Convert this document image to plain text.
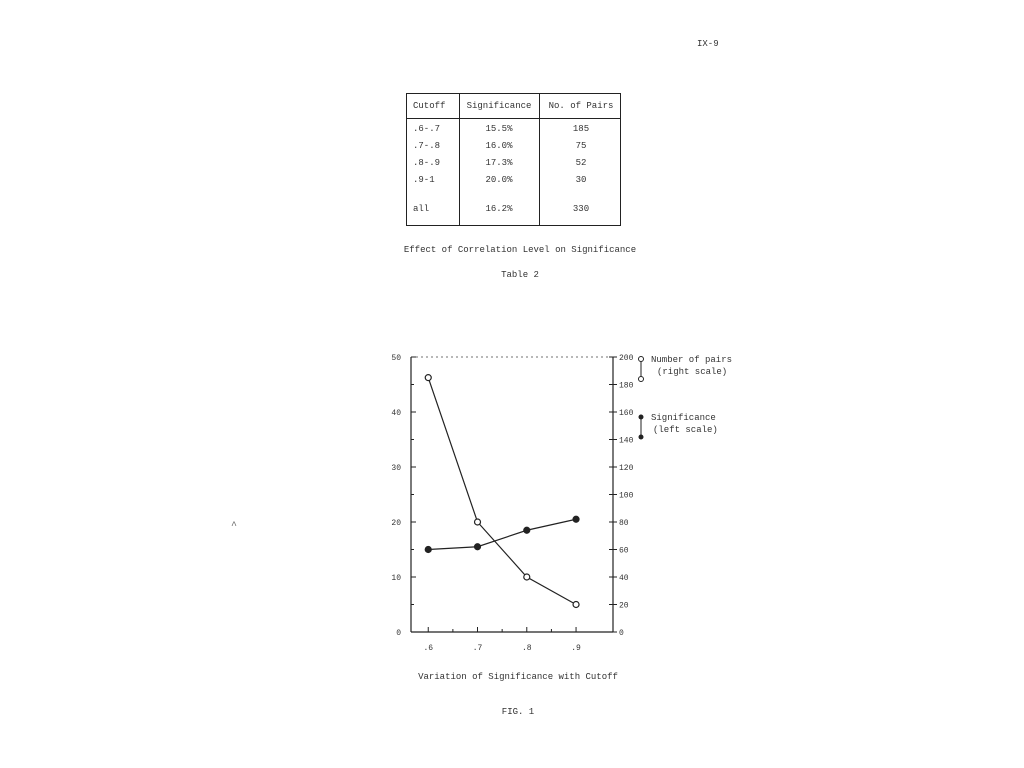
IX-9
Cutoff	Significance	No. of Pairs
.6-.7	15.5%	185
.7-.8	16.0%	75
.8-.9	17.3%	52
.9-1	20.0%	30
all	16.2%	330
Effect of Correlation Level on Significance
Table 2
^
0
10
20
30
40
50
0
20
40
60
80
100
120
140
160
180
200
.6	.7	.8	.9
Number of pairs
(right scale)
Significance
(left scale)
Variation of Significance with Cutoff
FIG. 1
